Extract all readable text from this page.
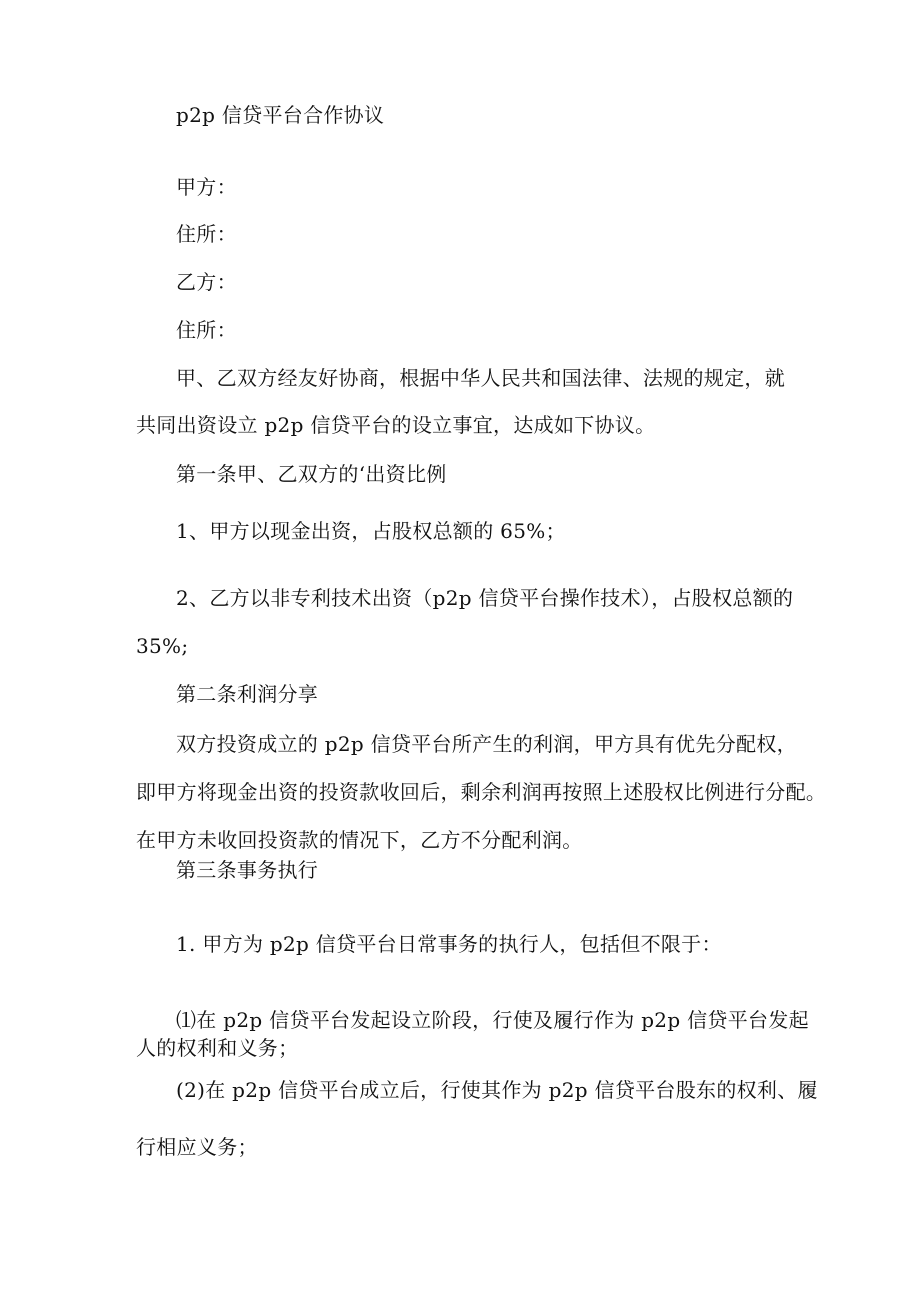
p2p 信贷平台合作协议
甲方：
住所：
乙方：
住所：
甲、乙双方经友好协商，根据中华人民共和国法律、法规的规定，就
共同出资设立 p2p 信贷平台的设立事宜，达成如下协议。
第一条甲、乙双方的‘出资比例
1、甲方以现金出资，占股权总额的 65%；
2、乙方以非专利技术出资（p2p 信贷平台操作技术），占股权总额的
35%;
第二条利润分享
双方投资成立的 p2p 信贷平台所产生的利润，甲方具有优先分配权，
即甲方将现金出资的投资款收回后，剩余利润再按照上述股权比例进行分配。
在甲方未收回投资款的情况下，乙方不分配利润。
第三条事务执行
1. 甲方为 p2p 信贷平台日常事务的执行人，包括但不限于：
⑴在 p2p 信贷平台发起设立阶段，行使及履行作为 p2p 信贷平台发起
人的权利和义务；
(2)在 p2p 信贷平台成立后，行使其作为 p2p 信贷平台股东的权利、履
行相应义务；
